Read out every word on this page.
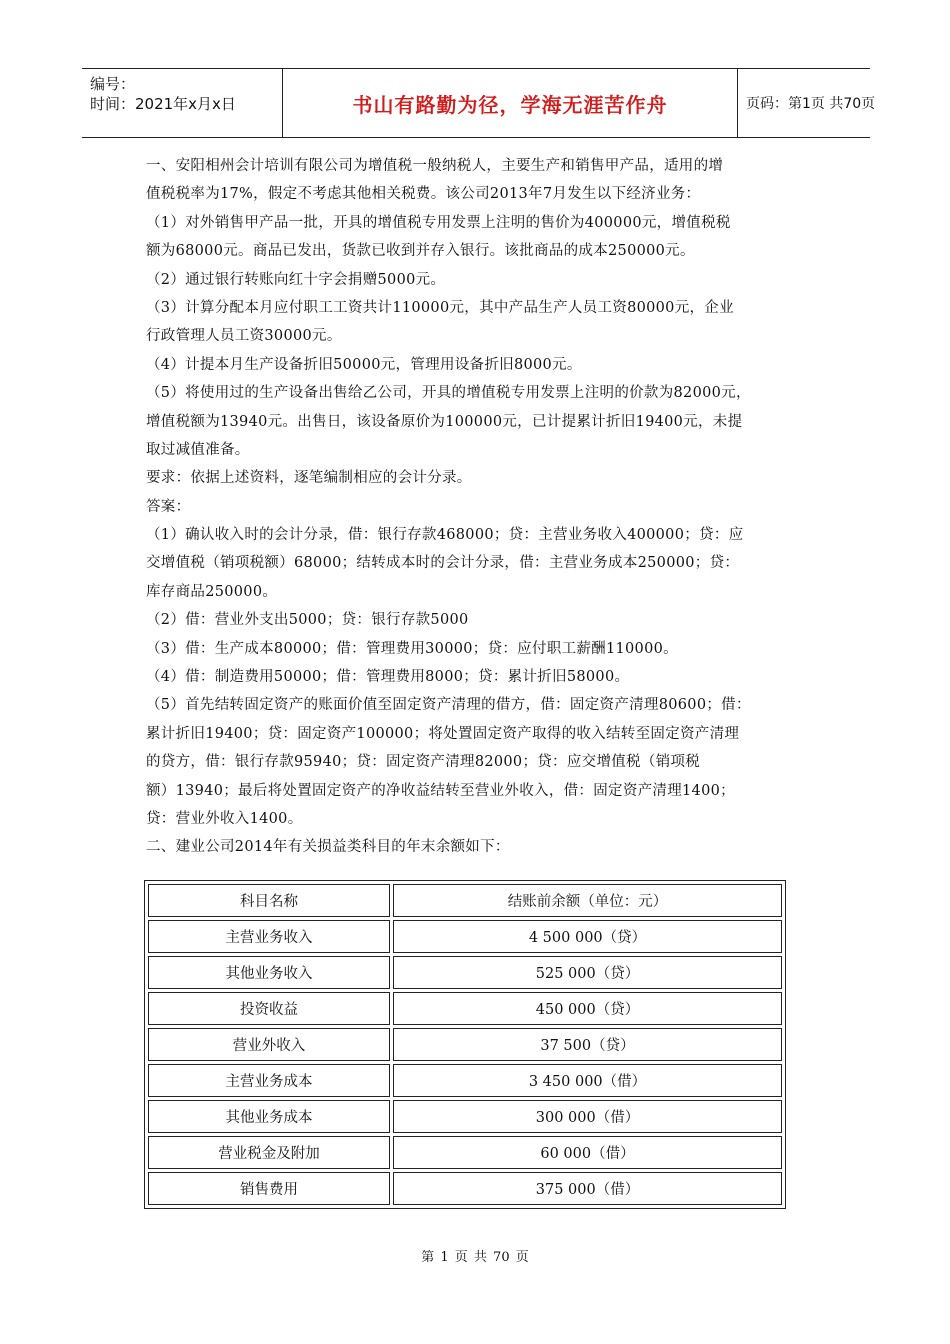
编号：
时间：2021年x月x日	书山有路勤为径，学海无涯苦作舟	页码：第1页 共70页
一、安阳相州会计培训有限公司为增值税一般纳税人，主要生产和销售甲产品，适用的增
值税税率为17%，假定不考虑其他相关税费。该公司2013年7月发生以下经济业务：
（1）对外销售甲产品一批，开具的增值税专用发票上注明的售价为400000元，增值税税
额为68000元。商品已发出，货款已收到并存入银行。该批商品的成本250000元。
（2）通过银行转账向红十字会捐赠5000元。
（3）计算分配本月应付职工工资共计110000元，其中产品生产人员工资80000元，企业
行政管理人员工资30000元。
（4）计提本月生产设备折旧50000元，管理用设备折旧8000元。
（5）将使用过的生产设备出售给乙公司，开具的增值税专用发票上注明的价款为82000元，
增值税额为13940元。出售日，该设备原价为100000元，已计提累计折旧19400元，未提
取过减值准备。
要求：依据上述资料，逐笔编制相应的会计分录。
答案：
（1）确认收入时的会计分录，借：银行存款468000；贷：主营业务收入400000；贷：应
交增值税（销项税额）68000；结转成本时的会计分录，借：主营业务成本250000；贷：
库存商品250000。
（2）借：营业外支出5000；贷：银行存款5000
（3）借：生产成本80000；借：管理费用30000；贷：应付职工薪酬110000。
（4）借：制造费用50000；借：管理费用8000；贷：累计折旧58000。
（5）首先结转固定资产的账面价值至固定资产清理的借方，借：固定资产清理80600；借：
累计折旧19400；贷：固定资产100000；将处置固定资产取得的收入结转至固定资产清理
的贷方，借：银行存款95940；贷：固定资产清理82000；贷：应交增值税（销项税
额）13940；最后将处置固定资产的净收益结转至营业外收入，借：固定资产清理1400；
贷：营业外收入1400。
二、建业公司2014年有关损益类科目的年末余额如下：
科目名称	结账前余额（单位：元）
主营业务收入	4 500 000（贷）
其他业务收入	525 000（贷）
投资收益	450 000（贷）
营业外收入	37 500（贷）
主营业务成本	3 450 000（借）
其他业务成本	300 000（借）
营业税金及附加	60 000（借）
销售费用	375 000（借）
第 1 页 共 70 页
